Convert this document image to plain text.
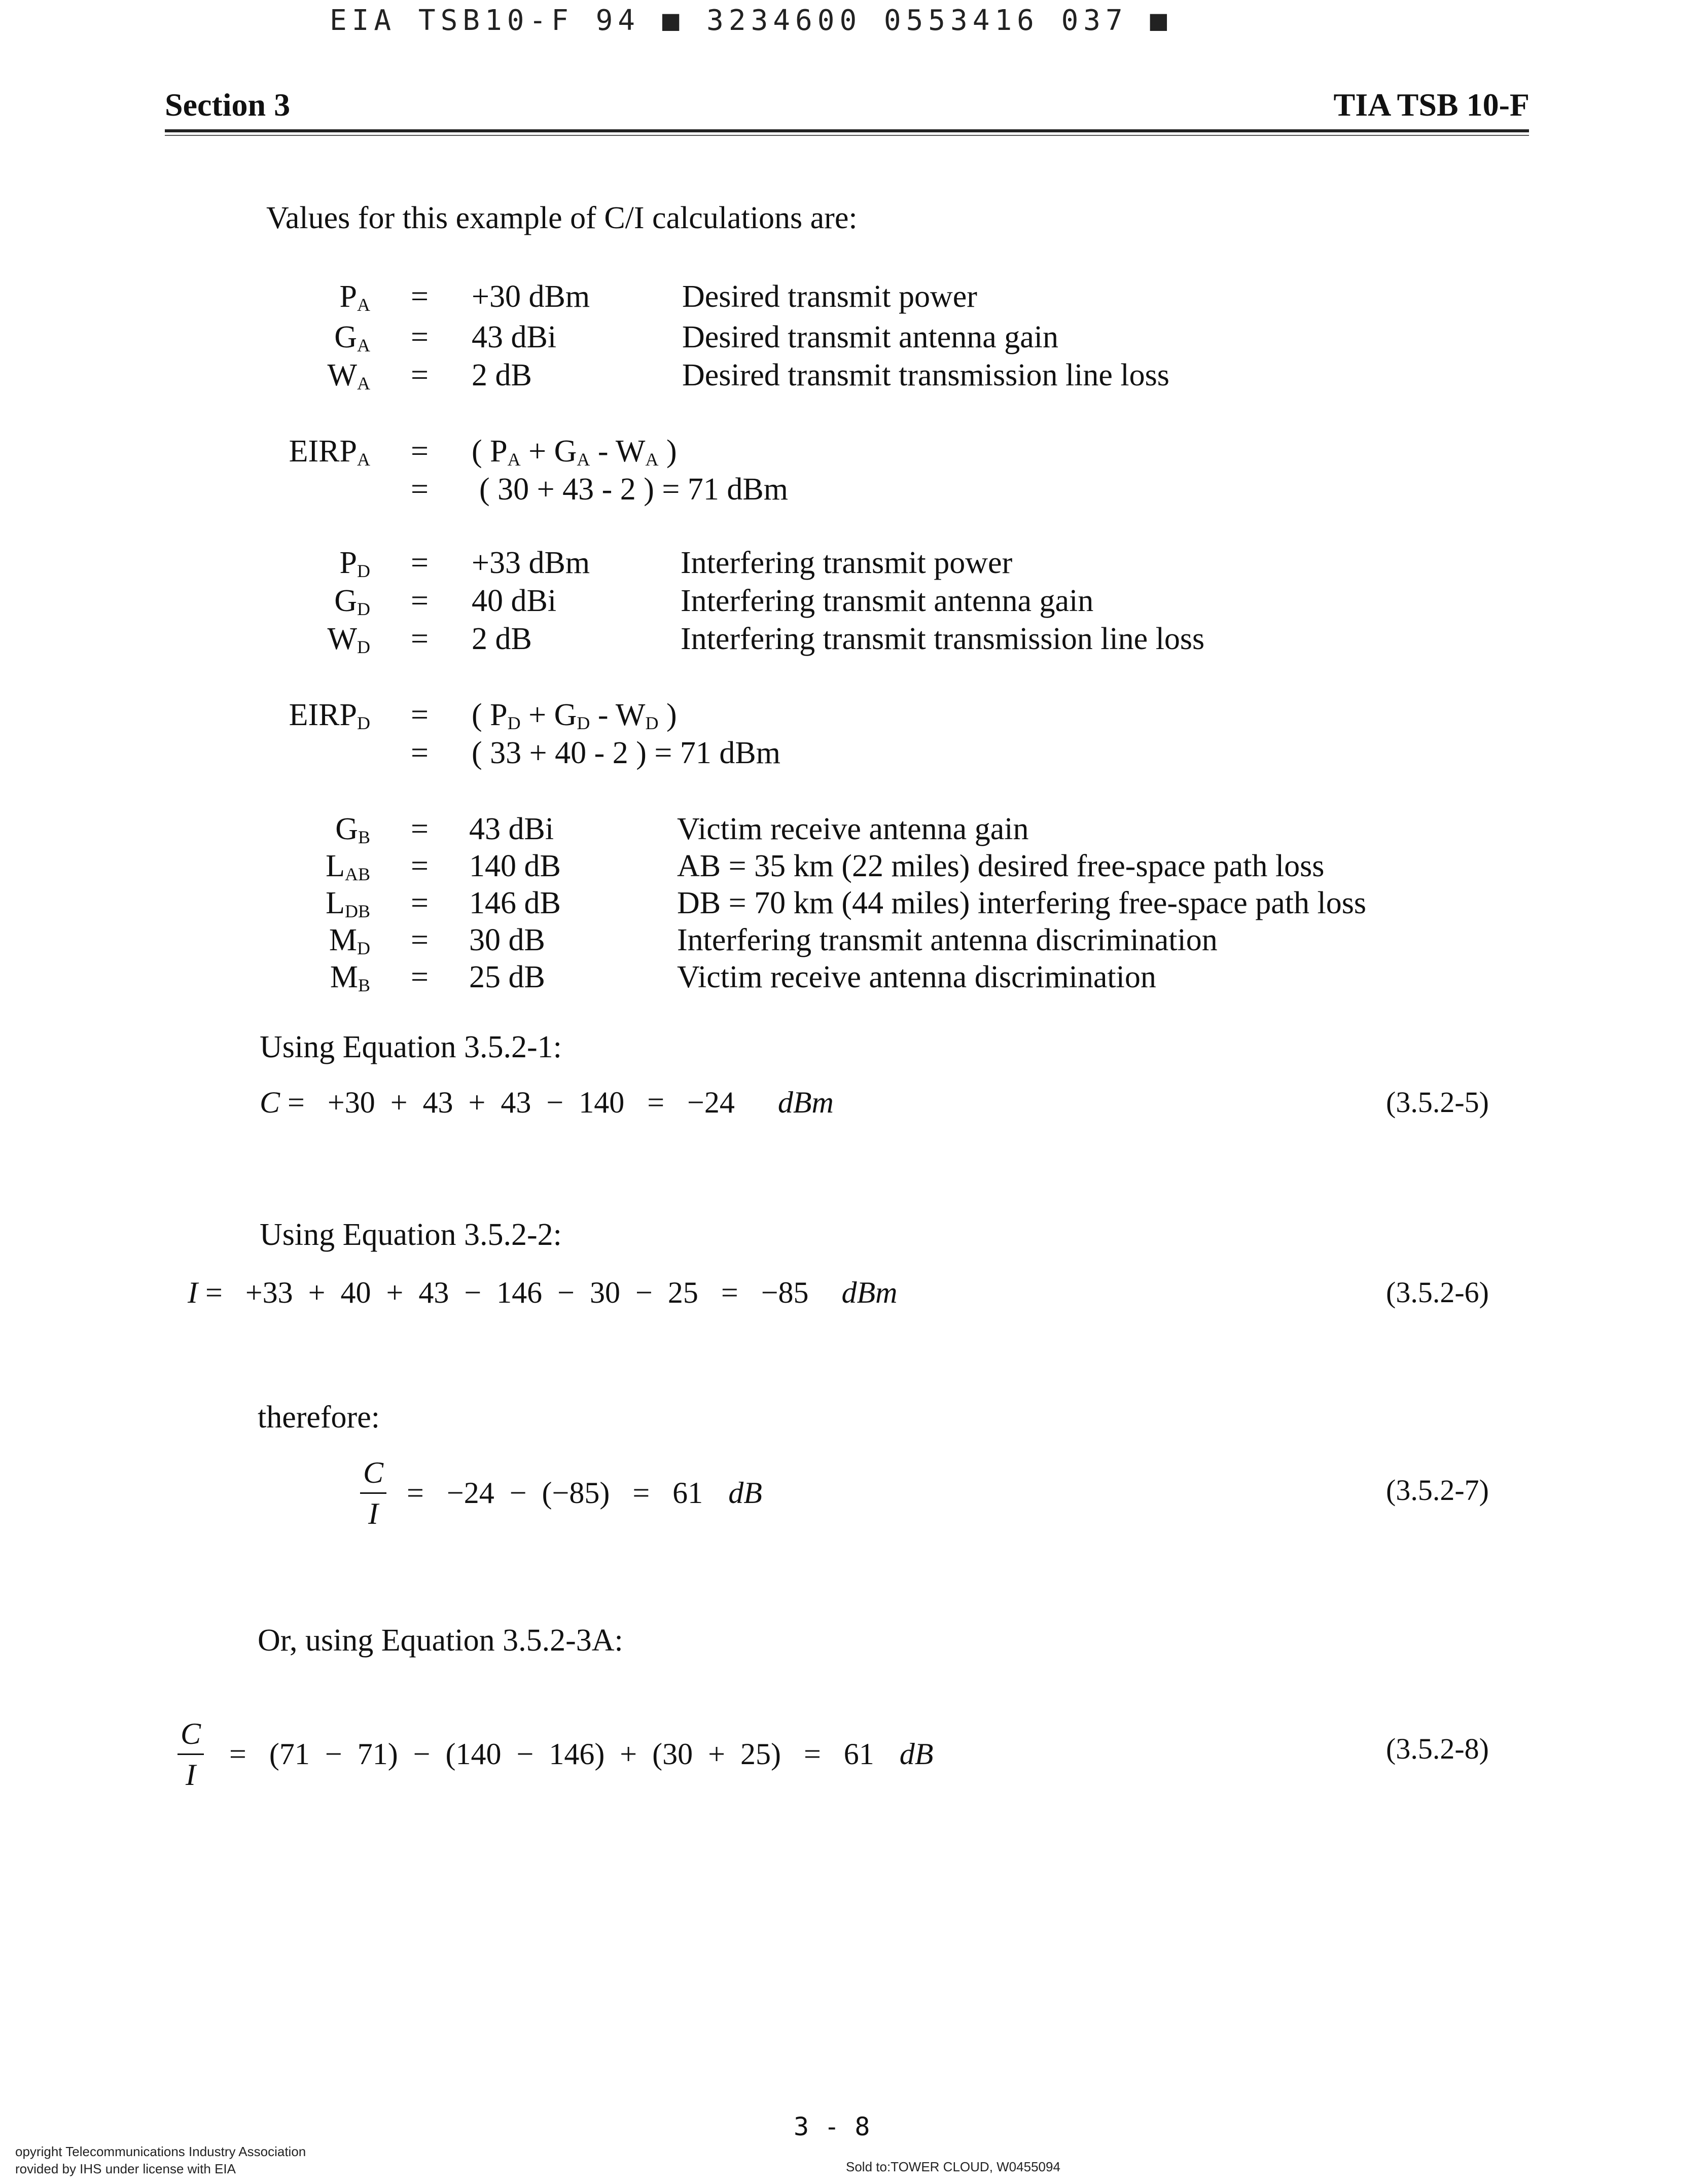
EIA TSB10-F 94 ■ 3234600 0553416 037 ■
Section 3	TIA TSB 10-F
Values for this example of C/I calculations are:
$P_A = +30$ dBm	Desired transmit power
$G_A = 43$ dBi	Desired transmit antenna gain
$W_A = 2$ dB	Desired transmit transmission line loss
$EIRP_A$ = ( $P_A + G_A - W_A$ )
= ( 30 + 43 - 2 ) = 71 dBm
$P_D = +33$ dBm	Interfering transmit power
$G_D = 40$ dBi	Interfering transmit antenna gain
$W_D = 2$ dB	Interfering transmit transmission line loss
$EIRP_D$ = ( $P_D + G_D - W_D$ )
= ( 33 + 40 - 2 ) = 71 dBm
$G_B = 43$ dBi	Victim receive antenna gain
$L_{AB} = 140$ dB	AB = 35 km (22 miles) desired free-space path loss
$L_{DB} = 146$ dB	DB = 70 km (44 miles) interfering free-space path loss
$M_D = 30$ dB	Interfering transmit antenna discrimination
$M_B = 25$ dB	Victim receive antenna discrimination
Using Equation 3.5.2-1:
C =   +30  +  43  +  43  −  140   =   −24 dBm	(3.5.2-5)
Using Equation 3.5.2-2:
I =   +33  +  40  +  43  −  146  −  30  −  25   =   −85 dBm	(3.5.2-6)
therefore:
$\frac{C}{I} = -24 - (-85) = 61$ dB	(3.5.2-7)
Or, using Equation 3.5.2-3A:
$\frac{C}{I} = (71 - 71) - (140 - 146) + (30 + 25) = 61$ dB	(3.5.2-8)
3 - 8
opyright Telecommunications Industry Association
rovided by IHS under license with EIA	Sold to:TOWER CLOUD, W0455094
